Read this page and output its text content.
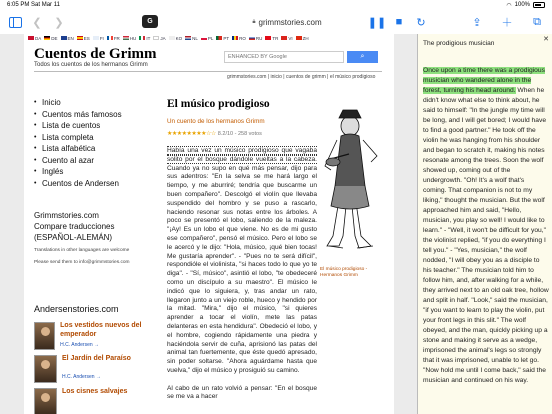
6:05 PM Sat Mar 11	◠ 100%
❮ ❯	G	🔒︎ grimmstories.com	❚❚ ■ ↻	⇪ ＋ ⧉
DA	DE	EN	ES	FI	FR	HU	IT	JA	KO	NL	PL	PT	RO	RU	TR	VI	ZH
Cuentos de Grimm
Todos los cuentos de los hermanos Grimm
ENHANCED BY Google	⌕
grimmstories.com | inicio | cuentos de grimm | el músico prodigioso
• Inicio
• Cuentos más famosos
• Lista de cuentos
• Lista completa
• Lista alfabética
• Cuento al azar
• Inglés
• Cuentos de Andersen
Grimmstories.com
Compare traducciones
(ESPAÑOL-ALEMÁN)
Translations in other languages are welcome
Please send them to info@grimmstories.com
Andersenstories.com
Los vestidos nuevos del emperador
H.C. Andersen →
El Jardín del Paraíso
H.C. Andersen →
Los cisnes salvajes
El músico prodigioso
Un cuento de los hermanos Grimm
★★★★★★★★☆☆ 8.2/10 - 258 votos
Había una vez un músico prodigioso que vagaba solito por el bosque dándole vueltas a la cabeza. Cuando ya no supo en qué más pensar, dijo para sus adentros: "En la selva se me hará largo el tiempo, y me aburriré; tendría que buscarme un buen compañero". Descolgó el violín que llevaba suspendido del hombro y se puso a rascarlo, haciendo resonar sus notas entre los árboles. A poco se presentó el lobo, saliendo de la maleza. "¡Ay! Es un lobo el que viene. No es de mi gusto ese compañero", pensó el músico. Pero el lobo se le acercó y le dijo: "Hola, músico, ¡qué bien tocas! Me gustaría aprender". - "Pues no te será difícil", respondióle el violinista, "si haces todo lo que yo te diga". - "Sí, músico", asintió el lobo, "te obedeceré como un discípulo a su maestro". El músico le indicó que lo siguiera, y, tras andar un rato, llegaron junto a un viejo roble, hueco y hendido por la mitad. "Mira," dijo el músico, "si quieres aprender a tocar el violín, mete las patas delanteras en esta hendidura". Obedeció el lobo, y el hombre, cogiendo rápidamente una piedra y haciéndola servir de cuña, aprisionó las patas del animal tan fuertemente, que éste quedó apresado, sin poder soltarse. "Ahora aguárdame hasta que vuelva," dijo el músico y prosiguió su camino.

Al cabo de un rato volvió a pensar: "En el bosque se me va a hacer
El músico prodigioso - Hermanos Grimm
✕
The prodigious musician
Once upon a time there was a prodigious musician who wandered alone in the forest, turning his head around. When he didn't know what else to think about, he said to himself: "In the jungle my time will be long, and I will get bored; I would have to find a good partner." He took off the violin he was hanging from his shoulder and began to scratch it, making his notes resonate among the trees. Soon the wolf showed up, coming out of the undergrowth. "Oh! It's a wolf that's coming. That companion is not to my liking," thought the musician. But the wolf approached him and said, "Hello, musician, you play so well! I would like to learn." - "Well, it won't be difficult for you," the violinist replied, "if you do everything I tell you." - "Yes, musician," the wolf nodded, "I will obey you as a disciple to his teacher." The musician told him to follow him, and, after walking for a while, they arrived next to an old oak tree, hollow and split in half. "Look," said the musician, "if you want to learn to play the violin, put your front legs in this slit." The wolf obeyed, and the man, quickly picking up a stone and making it serve as a wedge, imprisoned the animal's legs so strongly that it was imprisoned, unable to let go. "Now hold me until I come back," said the musician and continued on his way.
